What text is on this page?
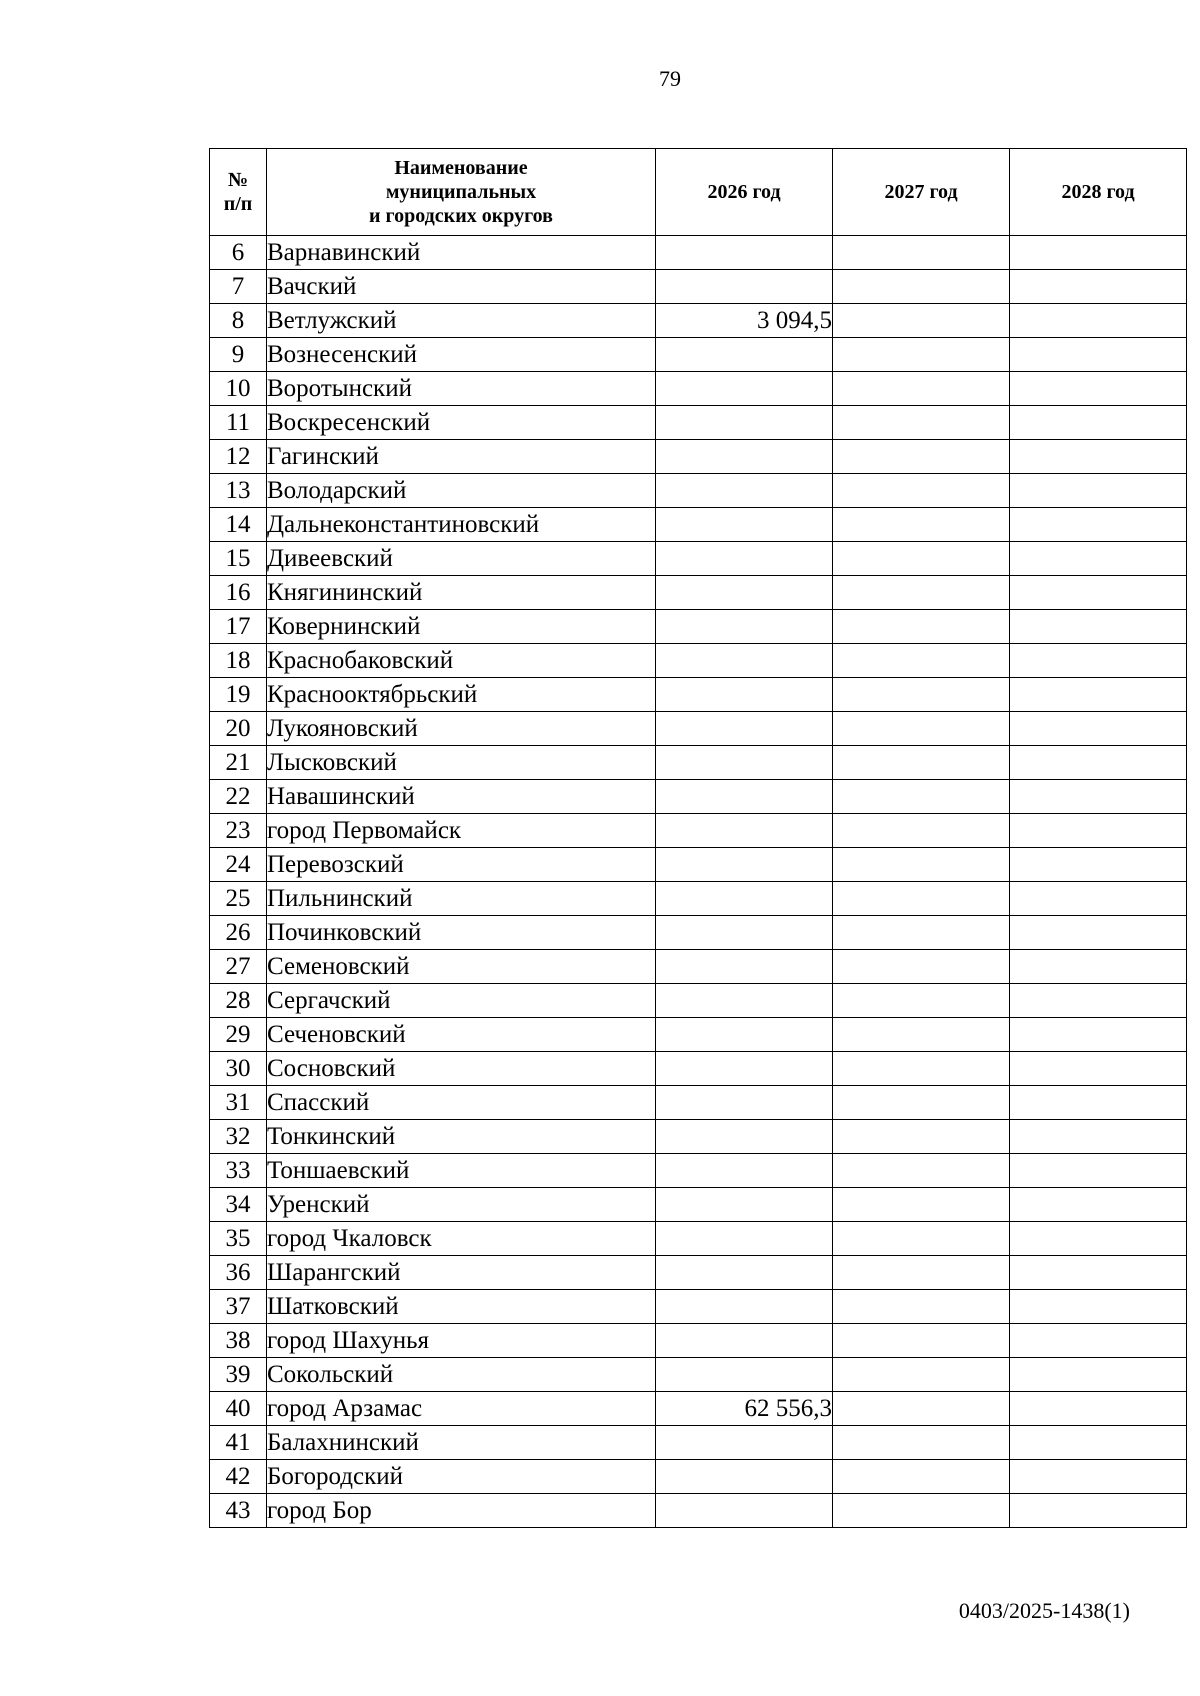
79
№
п/п	Наименование
муниципальных
и городских округов	2026 год	2027 год	2028 год
6	Варнавинский			
7	Вачский			
8	Ветлужский	3 094,5		
9	Вознесенский			
10	Воротынский			
11	Воскресенский			
12	Гагинский			
13	Володарский			
14	Дальнеконстантиновский			
15	Дивеевский			
16	Княгининский			
17	Ковернинский			
18	Краснобаковский			
19	Краснооктябрьский			
20	Лукояновский			
21	Лысковский			
22	Навашинский			
23	город Первомайск			
24	Перевозский			
25	Пильнинский			
26	Починковский			
27	Семеновский			
28	Сергачский			
29	Сеченовский			
30	Сосновский			
31	Спасский			
32	Тонкинский			
33	Тоншаевский			
34	Уренский			
35	город Чкаловск			
36	Шарангский			
37	Шатковский			
38	город Шахунья			
39	Сокольский			
40	город Арзамас	62 556,3		
41	Балахнинский			
42	Богородский			
43	город Бор			
0403/2025-1438(1)
